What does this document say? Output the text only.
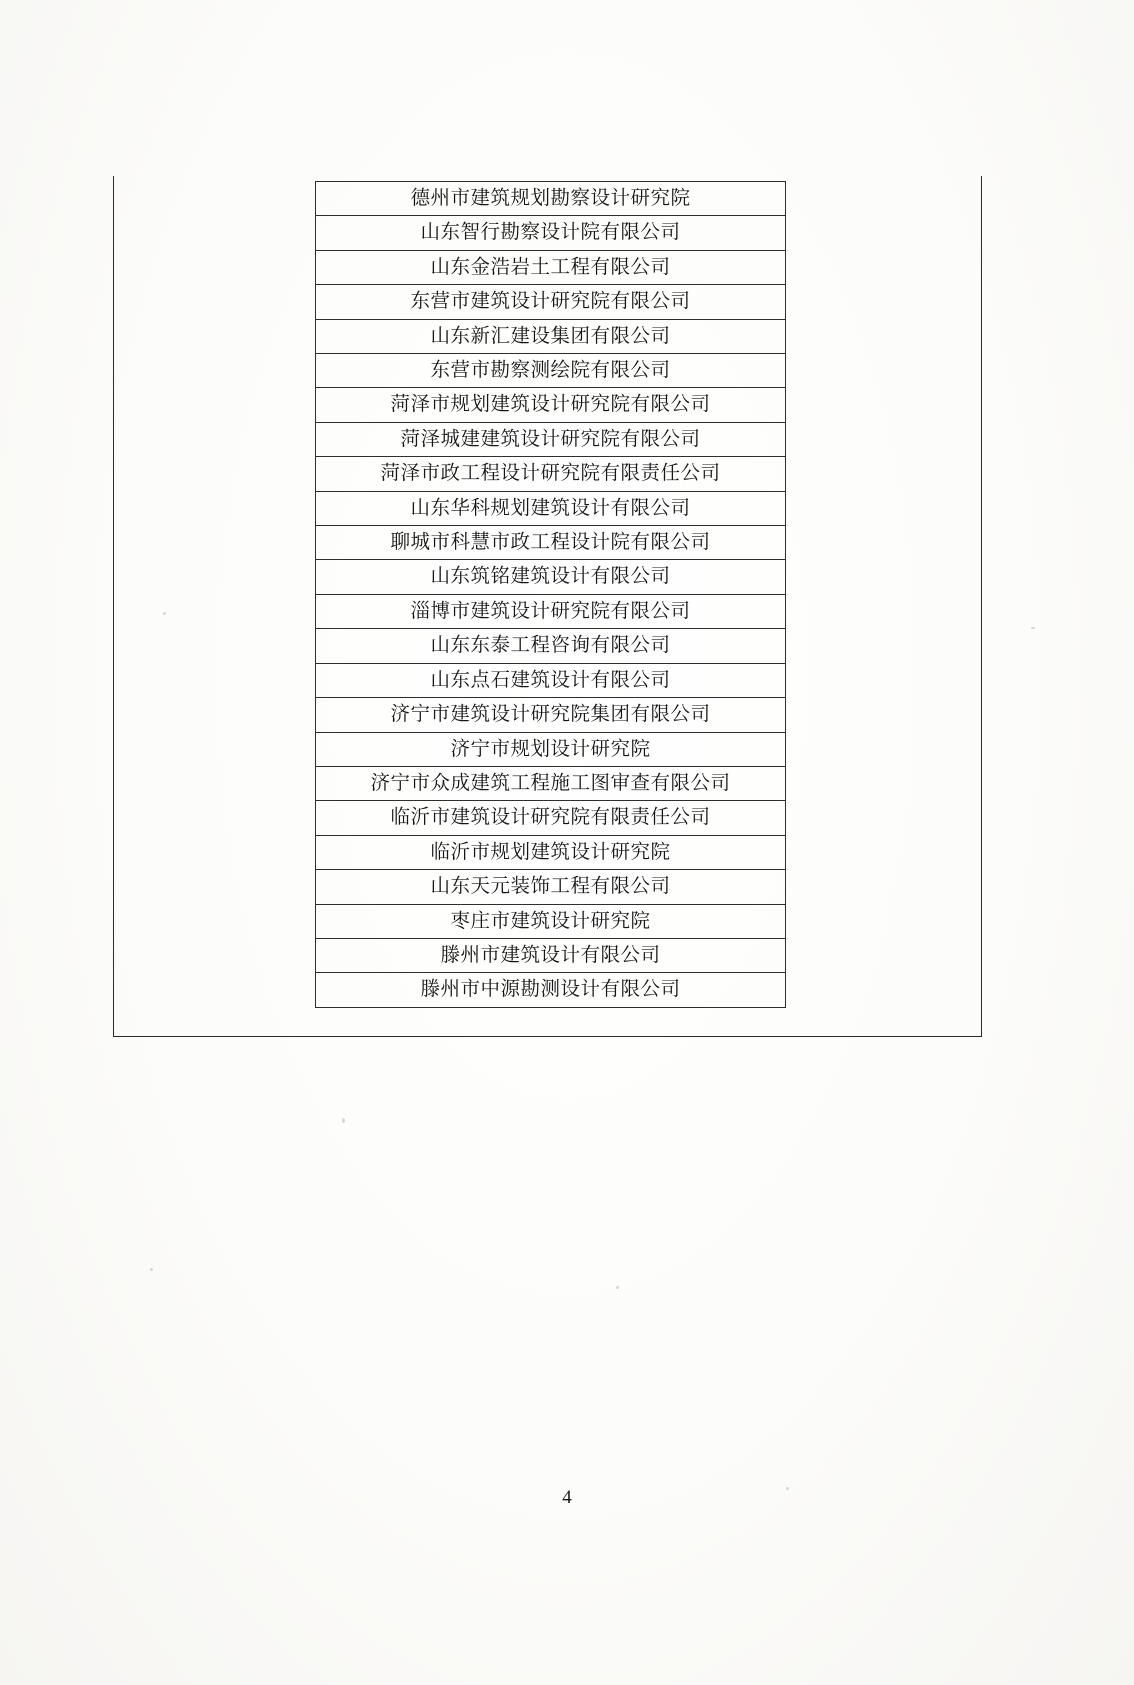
德州市建筑规划勘察设计研究院
山东智行勘察设计院有限公司
山东金浩岩土工程有限公司
东营市建筑设计研究院有限公司
山东新汇建设集团有限公司
东营市勘察测绘院有限公司
菏泽市规划建筑设计研究院有限公司
菏泽城建建筑设计研究院有限公司
菏泽市政工程设计研究院有限责任公司
山东华科规划建筑设计有限公司
聊城市科慧市政工程设计院有限公司
山东筑铭建筑设计有限公司
淄博市建筑设计研究院有限公司
山东东泰工程咨询有限公司
山东点石建筑设计有限公司
济宁市建筑设计研究院集团有限公司
济宁市规划设计研究院
济宁市众成建筑工程施工图审查有限公司
临沂市建筑设计研究院有限责任公司
临沂市规划建筑设计研究院
山东天元装饰工程有限公司
枣庄市建筑设计研究院
滕州市建筑设计有限公司
滕州市中源勘测设计有限公司
4
